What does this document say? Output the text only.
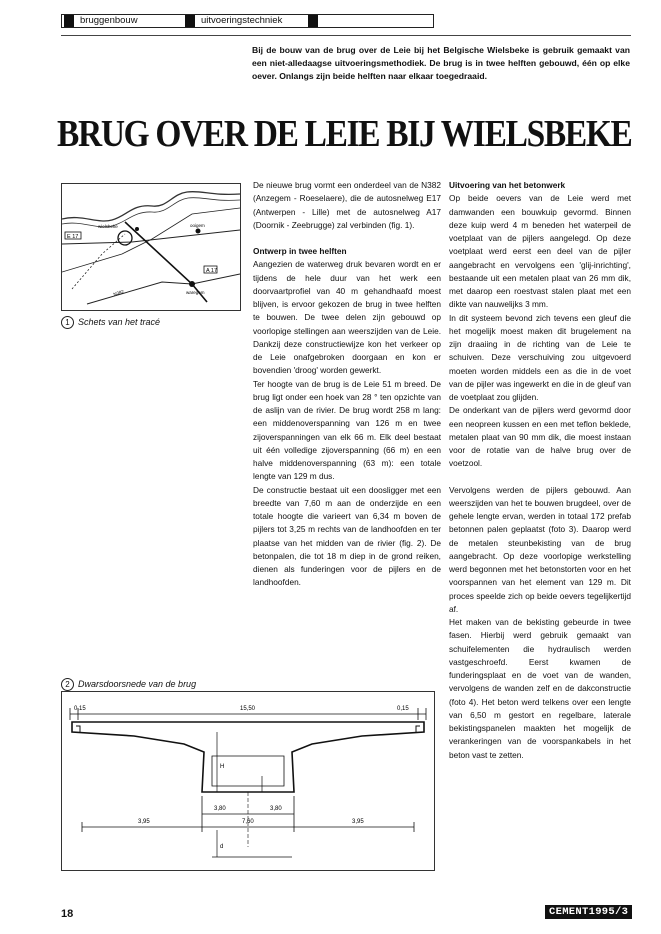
bruggenbouw	uitvoeringstechniek
Bij de bouw van de brug over de Leie bij het Belgische Wielsbeke is gebruik gemaakt van een niet-alledaagse uitvoeringsmethodiek. De brug is in twee helften gebouwd, één op elke oever. Onlangs zijn beide helften naar elkaar toegedraaid.
BRUG OVER DE LEIE BIJ WIELSBEKE
E 17
A 17
wielsbeke	ooigem
waregem
N382
1 Schets van het tracé
2 Dwarsdoorsnede van de brug
0,15	15,50	0,15
H
3,95
3,80	3,80
7,60	3,95
d

De nieuwe brug vormt een onderdeel van de N382 (Anzegem - Roeselaere), die de autosnelweg E17 (Antwerpen - Lille) met de autosnelweg A17 (Doornik - Zeebrugge) zal verbinden (fig. 1).

Ontwerp in twee helften

Aangezien de waterweg druk bevaren wordt en er tijdens de hele duur van het werk een doorvaartprofiel van 40 m gehandhaafd moest blijven, is ervoor gekozen de brug in twee helften te bouwen. De twee delen zijn gebouwd op voorlopige stellingen aan weerszijden van de Leie. Dankzij deze constructiewijze kon het verkeer op de Leie onafgebroken doorgaan en kon er bovendien 'droog' worden gewerkt.

Ter hoogte van de brug is de Leie 51 m breed. De brug ligt onder een hoek van 28 ° ten opzichte van de aslijn van de rivier. De brug wordt 258 m lang: een middenoverspanning van 126 m en twee zijoverspanningen van elk 66 m. Elk deel bestaat uit één volledige zijoverspanning (66 m) en een halve middenoverspanning (63 m): een totale lengte van 129 m dus.

De constructie bestaat uit een doosligger met een breedte van 7,60 m aan de onderzijde en een totale hoogte die varieert van 6,34 m boven de pijlers tot 3,25 m rechts van de landhoofden en ter plaatse van het midden van de rivier (fig. 2). De betonpalen, die tot 18 m diep in de grond reiken, dienen als funderingen voor de pijlers en de landhoofden.

Uitvoering van het betonwerk

Op beide oevers van de Leie werd met damwanden een bouwkuip gevormd. Binnen deze kuip werd 4 m beneden het waterpeil de voetplaat van de pijlers aangelegd. Op deze voetplaat werd eerst een deel van de pijler aangebracht en vervolgens een 'glij-inrichting', bestaande uit een metalen plaat van 26 mm dik, met daarop een roestvast stalen plaat met een dikte van nauwelijks 3 mm.

In dit systeem bevond zich tevens een gleuf die het mogelijk moest maken dit brugelement na zijn draaiing in de richting van de Leie te schuiven. Deze verschuiving zou uitgevoerd moeten worden middels een as die in de voet van de pijler was ingewerkt en die in de gleuf van de voetplaat zou glijden.

De onderkant van de pijlers werd gevormd door een neopreen kussen en een met teflon beklede, metalen plaat van 90 mm dik, die moest instaan voor de rotatie van de halve brug over de voetzool.

Vervolgens werden de pijlers gebouwd. Aan weerszijden van het te bouwen brugdeel, over de gehele lengte ervan, werden in totaal 172 prefab betonnen palen geplaatst (foto 3). Daarop werd de metalen steunbekisting van de brug aangebracht. Op deze voorlopige werkstelling werd begonnen met het betonstorten voor en het voorspannen van het element van 129 m. Dit proces speelde zich op beide oevers tegelijkertijd af.

Het maken van de bekisting gebeurde in twee fasen. Hierbij werd gebruik gemaakt van schuifelementen die hydraulisch werden vastgeschroefd. Eerst kwamen de funderingsplaat en de voet van de wanden, vervolgens de wanden zelf en de dakconstructie (foto 4). Het beton werd telkens over een lengte van 6,50 m gestort en regelbare, laterale bekistingspanelen maakten het mogelijk de verankeringen van de voorspankabels in het beton vast te zetten.

18	CEMENT1995/3
